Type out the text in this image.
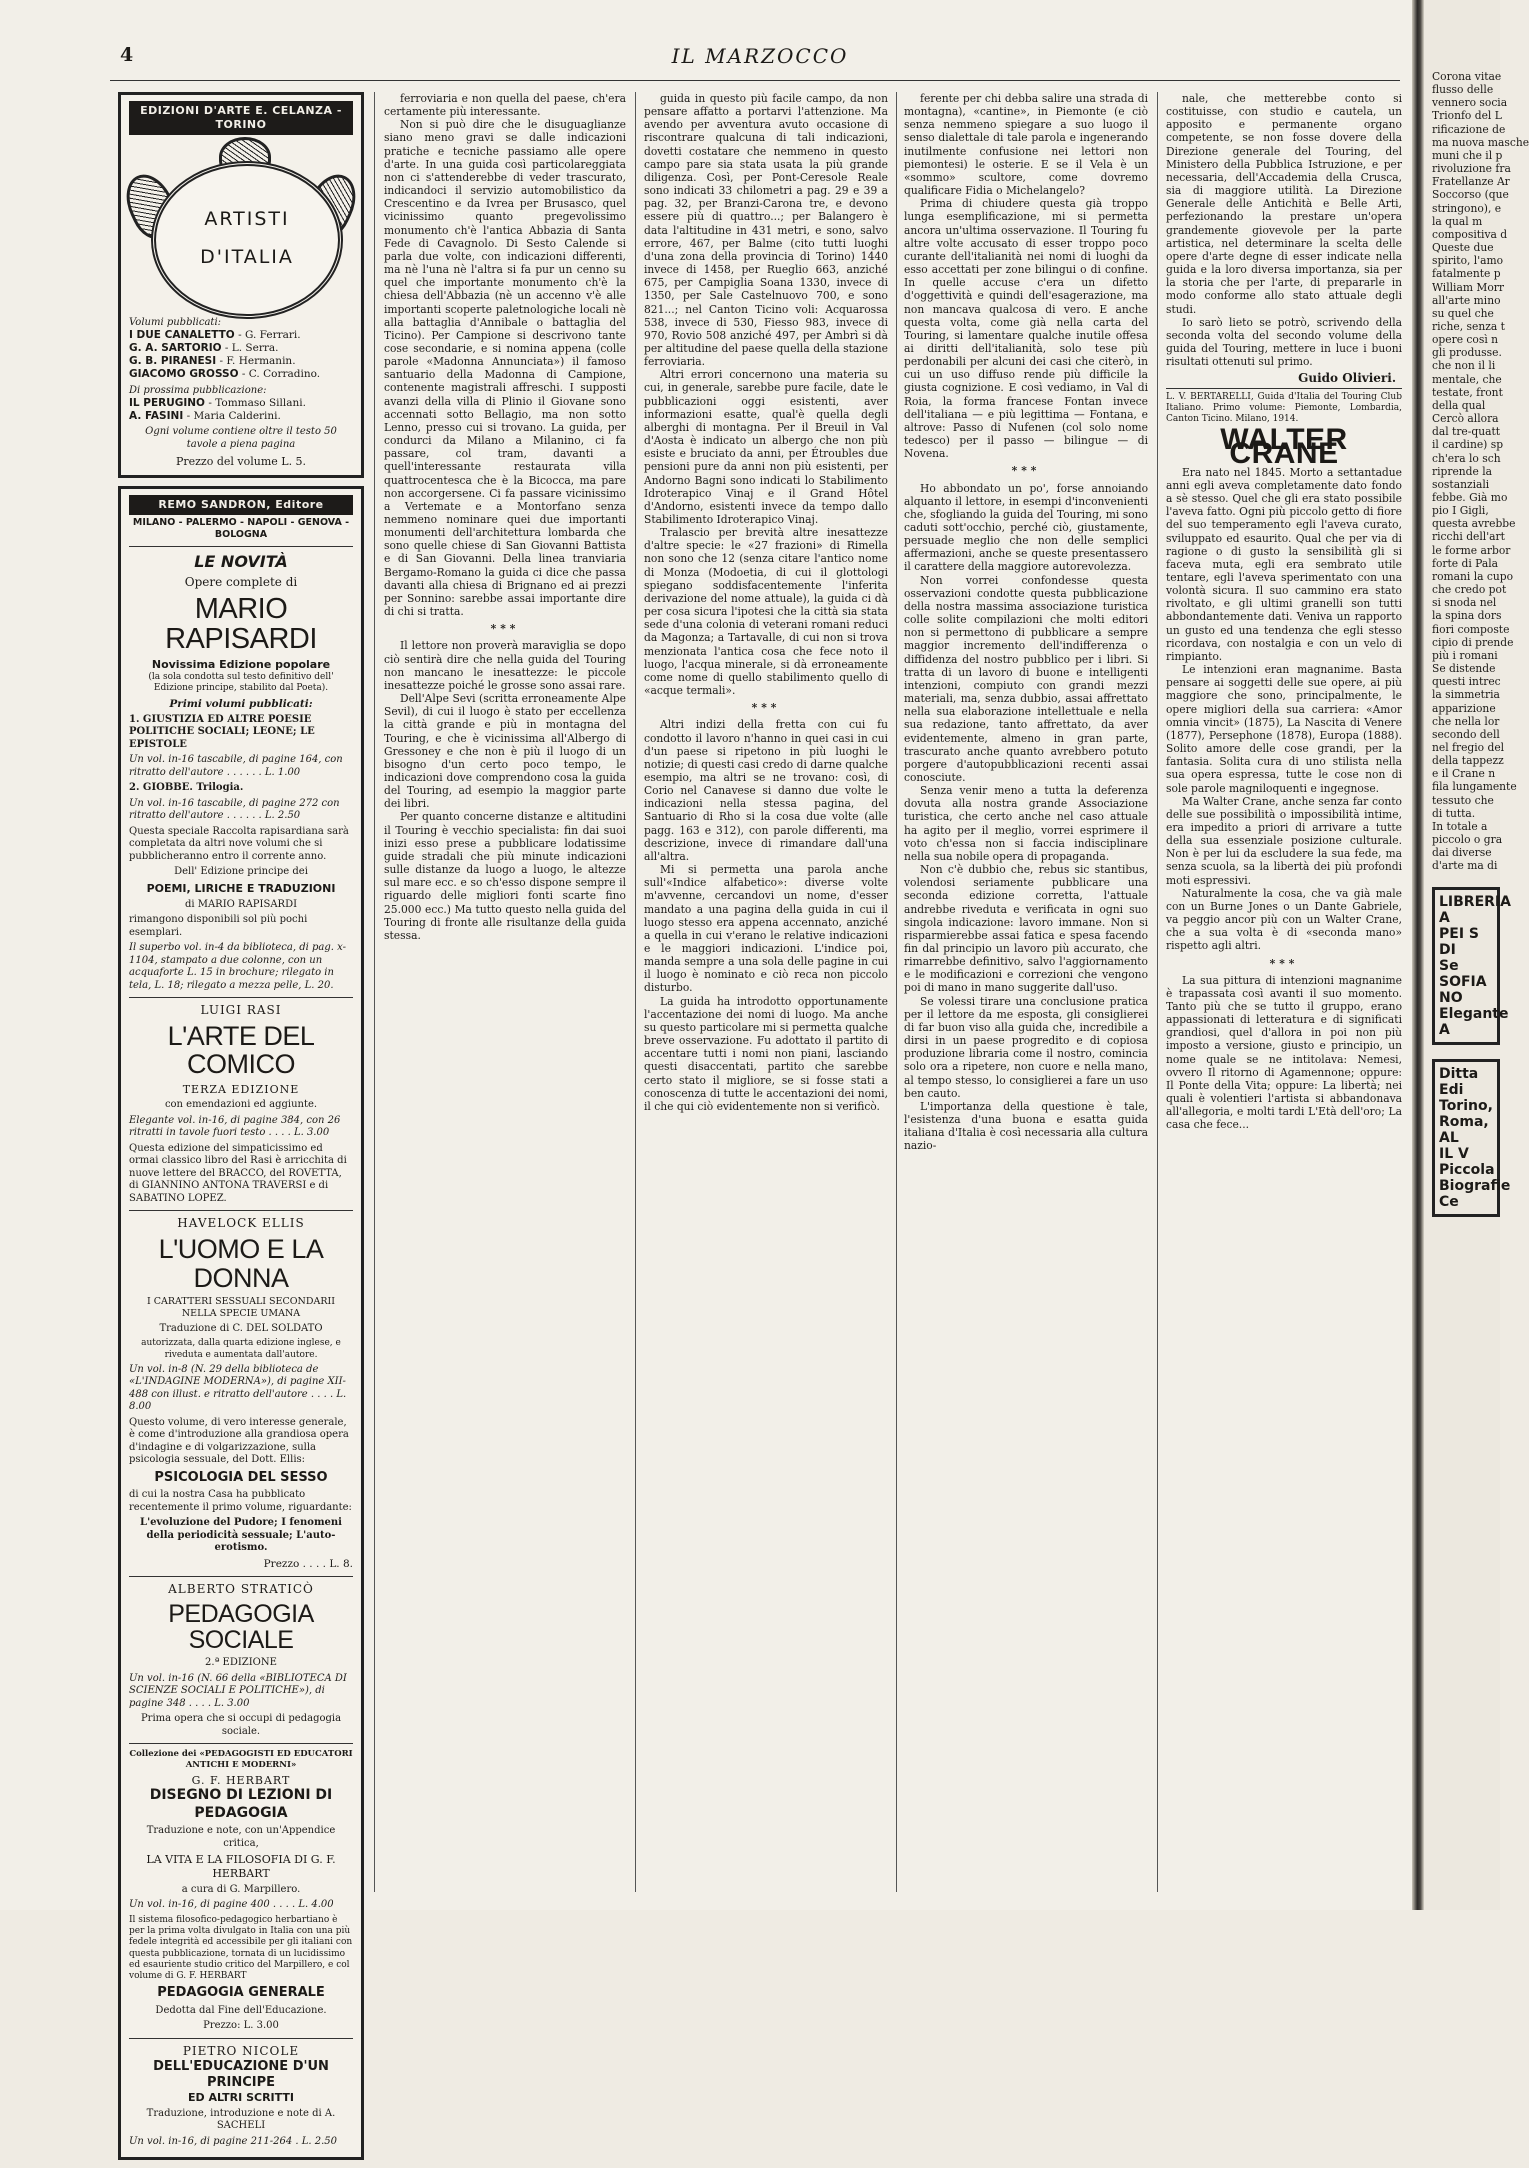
4	IL MARZOCCO
EDIZIONI D'ARTE E. CELANZA - TORINO
ARTISTI
D'ITALIA
Volumi pubblicati:
I DUE CANALETTO - G. Ferrari.
G. A. SARTORIO - L. Serra.
G. B. PIRANESI - F. Hermanin.
GIACOMO GROSSO - C. Corradino.
Di prossima pubblicazione:
IL PERUGINO - Tommaso Sillani.
A. FASINI - Maria Calderini.
Ogni volume contiene oltre il testo 50 tavole a piena pagina
Prezzo del volume L. 5.
REMO SANDRON, Editore
MILANO - PALERMO - NAPOLI - GENOVA - BOLOGNA
LE NOVITÀ
Opere complete di
MARIO RAPISARDI
Novissima Edizione popolare
(la sola condotta sul testo definitivo dell' Edizione principe, stabilito dal Poeta).
Primi volumi pubblicati:
1. GIUSTIZIA ED ALTRE POESIE POLITICHE SOCIALI; LEONE; LE EPISTOLE
Un vol. in-16 tascabile, di pagine 164, con ritratto dell'autore . . . . . . L. 1.00
2. GIOBBE. Trilogia.
Un vol. in-16 tascabile, di pagine 272 con ritratto dell'autore . . . . . . L. 2.50
Questa speciale Raccolta rapisardiana sarà completata da altri nove volumi che si pubblicheranno entro il corrente anno.
Dell' Edizione principe dei
POEMI, LIRICHE E TRADUZIONI
di MARIO RAPISARDI
rimangono disponibili sol più pochi esemplari.
Il superbo vol. in-4 da biblioteca, di pag. x-1104, stampato a due colonne, con un acquaforte L. 15 in brochure; rilegato in tela, L. 18; rilegato a mezza pelle, L. 20.
LUIGI RASI
L'ARTE DEL COMICO
TERZA EDIZIONE
con emendazioni ed aggiunte.
Elegante vol. in-16, di pagine 384, con 26 ritratti in tavole fuori testo . . . . L. 3.00
Questa edizione del simpaticissimo ed ormai classico libro del Rasi è arricchita di nuove lettere del BRACCO, del ROVETTA, di GIANNINO ANTONA TRAVERSI e di SABATINO LOPEZ.
HAVELOCK ELLIS
L'UOMO E LA DONNA
I CARATTERI SESSUALI SECONDARII NELLA SPECIE UMANA
Traduzione di C. DEL SOLDATO
autorizzata, dalla quarta edizione inglese, e riveduta e aumentata dall'autore.
Un vol. in-8 (N. 29 della biblioteca de «L'INDAGINE MODERNA»), di pagine XII-488 con illust. e ritratto dell'autore . . . . L. 8.00
Questo volume, di vero interesse generale, è come d'introduzione alla grandiosa opera d'indagine e di volgarizzazione, sulla psicologia sessuale, del Dott. Ellis:
PSICOLOGIA DEL SESSO
di cui la nostra Casa ha pubblicato recentemente il primo volume, riguardante:
L'evoluzione del Pudore; I fenomeni della periodicità sessuale; L'auto-erotismo.
Prezzo . . . . L. 8.
ALBERTO STRATICÒ
PEDAGOGIA SOCIALE
2.ª EDIZIONE
Un vol. in-16 (N. 66 della «BIBLIOTECA DI SCIENZE SOCIALI E POLITICHE»), di pagine 348 . . . . L. 3.00
Prima opera che si occupi di pedagogia sociale.
Collezione dei «PEDAGOGISTI ED EDUCATORI ANTICHI E MODERNI»
G. F. HERBART
DISEGNO DI LEZIONI DI PEDAGOGIA
Traduzione e note, con un'Appendice critica,
LA VITA E LA FILOSOFIA DI G. F. HERBART
a cura di G. Marpillero.
Un vol. in-16, di pagine 400 . . . . L. 4.00
Il sistema filosofico-pedagogico herbartiano è per la prima volta divulgato in Italia con una più fedele integrità ed accessibile per gli italiani con questa pubblicazione, tornata di un lucidissimo ed esauriente studio critico del Marpillero, e col volume di G. F. HERBART
PEDAGOGIA GENERALE
Dedotta dal Fine dell'Educazione.
Prezzo: L. 3.00
PIETRO NICOLE
DELL'EDUCAZIONE D'UN PRINCIPE
ED ALTRI SCRITTI
Traduzione, introduzione e note di A. SACHELI
Un vol. in-16, di pagine 211-264 . L. 2.50

ferroviaria e non quella del paese, ch'era certamente più interessante.

Non si può dire che le disuguaglianze siano meno gravi se dalle indicazioni pratiche e tecniche passiamo alle opere d'arte. In una guida così particolareggiata non ci s'attenderebbe di veder trascurato, indicandoci il servizio automobilistico da Crescentino e da Ivrea per Brusasco, quel vicinissimo quanto pregevolissimo monumento ch'è l'antica Abbazia di Santa Fede di Cavagnolo. Di Sesto Calende si parla due volte, con indicazioni differenti, ma nè l'una nè l'altra si fa pur un cenno su quel che importante monumento ch'è la chiesa dell'Abbazia (nè un accenno v'è alle importanti scoperte paletnologiche locali nè alla battaglia d'Annibale o battaglia del Ticino). Per Campione si descrivono tante cose secondarie, e si nomina appena (colle parole «Madonna Annunciata») il famoso santuario della Madonna di Campione, contenente magistrali affreschi. I supposti avanzi della villa di Plinio il Giovane sono accennati sotto Bellagio, ma non sotto Lenno, presso cui si trovano. La guida, per condurci da Milano a Milanino, ci fa passare, col tram, davanti a quell'interessante restaurata villa quattrocentesca che è la Bicocca, ma pare non accorgersene. Ci fa passare vicinissimo a Vertemate e a Montorfano senza nemmeno nominare quei due importanti monumenti dell'architettura lombarda che sono quelle chiese di San Giovanni Battista e di San Giovanni. Della linea tranviaria Bergamo-Romano la guida ci dice che passa davanti alla chiesa di Brignano ed ai prezzi per Sonnino: sarebbe assai importante dire di chi si tratta.

***

Il lettore non proverà maraviglia se dopo ciò sentirà dire che nella guida del Touring non mancano le inesattezze: le piccole inesattezze poiché le grosse sono assai rare.

Dell'Alpe Sevi (scritta erroneamente Alpe Sevil), di cui il luogo è stato per eccellenza la città grande e più in montagna del Touring, e che è vicinissima all'Albergo di Gressoney e che non è più il luogo di un bisogno d'un certo poco tempo, le indicazioni dove comprendono cosa la guida del Touring, ad esempio la maggior parte dei libri.

Per quanto concerne distanze e altitudini il Touring è vecchio specialista: fin dai suoi inizi esso prese a pubblicare lodatissime guide stradali che più minute indicazioni sulle distanze da luogo a luogo, le altezze sul mare ecc. e so ch'esso dispone sempre il riguardo delle migliori fonti scarte fino 25.000 ecc.) Ma tutto questo nella guida del Touring di fronte alle risultanze della guida stessa.

guida in questo più facile campo, da non pensare affatto a portarvi l'attenzione. Ma avendo per avventura avuto occasione di riscontrare qualcuna di tali indicazioni, dovetti costatare che nemmeno in questo campo pare sia stata usata la più grande diligenza. Così, per Pont-Ceresole Reale sono indicati 33 chilometri a pag. 29 e 39 a pag. 32, per Branzi-Carona tre, e devono essere più di quattro...; per Balangero è data l'altitudine in 431 metri, e sono, salvo errore, 467, per Balme (cito tutti luoghi d'una zona della provincia di Torino) 1440 invece di 1458, per Rueglio 663, anziché 675, per Campiglia Soana 1330, invece di 1350, per Sale Castelnuovo 700, e sono 821...; nel Canton Ticino voli: Acquarossa 538, invece di 530, Fiesso 983, invece di 970, Rovio 508 anziché 497, per Ambrì si dà per altitudine del paese quella della stazione ferroviaria.

Altri errori concernono una materia su cui, in generale, sarebbe pure facile, date le pubblicazioni oggi esistenti, aver informazioni esatte, qual'è quella degli alberghi di montagna. Per il Breuil in Val d'Aosta è indicato un albergo che non più esiste e bruciato da anni, per Étroubles due pensioni pure da anni non più esistenti, per Andorno Bagni sono indicati lo Stabilimento Idroterapico Vinaj e il Grand Hôtel d'Andorno, esistenti invece da tempo dallo Stabilimento Idroterapico Vinaj.

Tralascio per brevità altre inesattezze d'altre specie: le «27 frazioni» di Rimella non sono che 12 (senza citare l'antico nome di Monza (Modoetia, di cui il glottologi spiegano soddisfacentemente l'inferita derivazione del nome attuale), la guida ci dà per cosa sicura l'ipotesi che la città sia stata sede d'una colonia di veterani romani reduci da Magonza; a Tartavalle, di cui non si trova menzionata l'antica cosa che fece noto il luogo, l'acqua minerale, si dà erroneamente come nome di quello stabilimento quello di «acque termali».

***

Altri indizi della fretta con cui fu condotto il lavoro n'hanno in quei casi in cui d'un paese si ripetono in più luoghi le notizie; di questi casi credo di darne qualche esempio, ma altri se ne trovano: così, di Corio nel Canavese si danno due volte le indicazioni nella stessa pagina, del Santuario di Rho si la cosa due volte (alle pagg. 163 e 312), con parole differenti, ma descrizione, invece di rimandare dall'una all'altra.

Mi si permetta una parola anche sull'«Indice alfabetico»: diverse volte m'avvenne, cercandovi un nome, d'esser mandato a una pagina della guida in cui il luogo stesso era appena accennato, anziché a quella in cui v'erano le relative indicazioni e le maggiori indicazioni. L'indice poi, manda sempre a una sola delle pagine in cui il luogo è nominato e ciò reca non piccolo disturbo.

La guida ha introdotto opportunamente l'accentazione dei nomi di luogo. Ma anche su questo particolare mi si permetta qualche breve osservazione. Fu adottato il partito di accentare tutti i nomi non piani, lasciando questi disaccentati, partito che sarebbe certo stato il migliore, se si fosse stati a conoscenza di tutte le accentazioni dei nomi, il che qui ciò evidentemente non si verificò.

ferente per chi debba salire una strada di montagna), «cantine», in Piemonte (e ciò senza nemmeno spiegare a suo luogo il senso dialettale di tale parola e ingenerando inutilmente confusione nei lettori non piemontesi) le osterie. E se il Vela è un «sommo» scultore, come dovremo qualificare Fidia o Michelangelo?

Prima di chiudere questa già troppo lunga esemplificazione, mi si permetta ancora un'ultima osservazione. Il Touring fu altre volte accusato di esser troppo poco curante dell'italianità nei nomi di luoghi da esso accettati per zone bilingui o di confine. In quelle accuse c'era un difetto d'oggettività e quindi dell'esagerazione, ma non mancava qualcosa di vero. E anche questa volta, come già nella carta del Touring, si lamentare qualche inutile offesa ai diritti dell'italianità, solo tese più perdonabili per alcuni dei casi che citerò, in cui un uso diffuso rende più difficile la giusta cognizione. E così vediamo, in Val di Roia, la forma francese Fontan invece dell'italiana — e più legittima — Fontana, e altrove: Passo di Nufenen (col solo nome tedesco) per il passo — bilingue — di Novena.

***

Ho abbondato un po', forse annoiando alquanto il lettore, in esempi d'inconvenienti che, sfogliando la guida del Touring, mi sono caduti sott'occhio, perché ciò, giustamente, persuade meglio che non delle semplici affermazioni, anche se queste presentassero il carattere della maggiore autorevolezza.

Non vorrei confondesse questa osservazioni condotte questa pubblicazione della nostra massima associazione turistica colle solite compilazioni che molti editori non si permettono di pubblicare a sempre maggior incremento dell'indifferenza o diffidenza del nostro pubblico per i libri. Si tratta di un lavoro di buone e intelligenti intenzioni, compiuto con grandi mezzi materiali, ma, senza dubbio, assai affrettato nella sua elaborazione intellettuale e nella sua redazione, tanto affrettato, da aver evidentemente, almeno in gran parte, trascurato anche quanto avrebbero potuto porgere d'autopubblicazioni recenti assai conosciute.

Senza venir meno a tutta la deferenza dovuta alla nostra grande Associazione turistica, che certo anche nel caso attuale ha agito per il meglio, vorrei esprimere il voto ch'essa non si faccia indisciplinare nella sua nobile opera di propaganda.

Non c'è dubbio che, rebus sic stantibus, volendosi seriamente pubblicare una seconda edizione corretta, l'attuale andrebbe riveduta e verificata in ogni suo singola indicazione: lavoro immane. Non si risparmierebbe assai fatica e spesa facendo fin dal principio un lavoro più accurato, che rimarrebbe definitivo, salvo l'aggiornamento e le modificazioni e correzioni che vengono poi di mano in mano suggerite dall'uso.

Se volessi tirare una conclusione pratica per il lettore da me esposta, gli consiglierei di far buon viso alla guida che, incredibile a dirsi in un paese progredito e di copiosa produzione libraria come il nostro, comincia solo ora a ripetere, non cuore e nella mano, al tempo stesso, lo consiglierei a fare un uso ben cauto.

L'importanza della questione è tale, l'esistenza d'una buona e esatta guida italiana d'Italia è così necessaria alla cultura nazio-

nale, che metterebbe conto si costituisse, con studio e cautela, un apposito e permanente organo competente, se non fosse dovere della Direzione generale del Touring, del Ministero della Pubblica Istruzione, e per necessaria, dell'Accademia della Crusca, sia di maggiore utilità. La Direzione Generale delle Antichità e Belle Arti, perfezionando la prestare un'opera grandemente giovevole per la parte artistica, nel determinare la scelta delle opere d'arte degne di esser indicate nella guida e la loro diversa importanza, sia per la storia che per l'arte, di prepararle in modo conforme allo stato attuale degli studi.

Io sarò lieto se potrò, scrivendo della seconda volta del secondo volume della guida del Touring, mettere in luce i buoni risultati ottenuti sul primo.

Guido Olivieri.
L. V. BERTARELLI, Guida d'Italia del Touring Club Italiano. Primo volume: Piemonte, Lombardia, Canton Ticino. Milano, 1914.
WALTER CRANE

Era nato nel 1845. Morto a settantadue anni egli aveva completamente dato fondo a sè stesso. Quel che gli era stato possibile l'aveva fatto. Ogni più piccolo getto di fiore del suo temperamento egli l'aveva curato, sviluppato ed esaurito. Qual che per via di ragione o di gusto la sensibilità gli si faceva muta, egli era sembrato utile tentare, egli l'aveva sperimentato con una volontà sicura. Il suo cammino era stato rivoltato, e gli ultimi granelli son tutti abbondantemente dati. Veniva un rapporto un gusto ed una tendenza che egli stesso ricordava, con nostalgia e con un velo di rimpianto.

Le intenzioni eran magnanime. Basta pensare ai soggetti delle sue opere, ai più maggiore che sono, principalmente, le opere migliori della sua carriera: «Amor omnia vincit» (1875), La Nascita di Venere (1877), Persephone (1878), Europa (1888). Solito amore delle cose grandi, per la fantasia. Solita cura di uno stilista nella sua opera espressa, tutte le cose non di sole parole magniloquenti e ingegnose.

Ma Walter Crane, anche senza far conto delle sue possibilità o impossibilità intime, era impedito a priori di arrivare a tutte della sua essenziale posizione culturale. Non è per lui da escludere la sua fede, ma senza scuola, sa la libertà dei più profondi moti espressivi.

Naturalmente la cosa, che va già male con un Burne Jones o un Dante Gabriele, va peggio ancor più con un Walter Crane, che a sua volta è di «seconda mano» rispetto agli altri.

***

La sua pittura di intenzioni magnanime è trapassata così avanti il suo momento. Tanto più che se tutto il gruppo, erano appassionati di letteratura e di significati grandiosi, quel d'allora in poi non più imposto a versione, giusto e principio, un nome quale se ne intitolava: Nemesi, ovvero Il ritorno di Agamennone; oppure: Il Ponte della Vita; oppure: La libertà; nei quali è volentieri l'artista si abbandonava all'allegoria, e molti tardi L'Età dell'oro; La casa che fece...

Corona vitae
flusso delle
vennero socia
Trionfo del L
rificazione de
ma nuova masche
muni che il p
rivoluzione fra
Fratellanze Ar
Soccorso (que
stringono), e
la qual m
compositiva d
Queste due
spirito, l'amo
fatalmente p
William Morr
all'arte mino
su quel che
riche, senza t
opere così n
gli produsse.
che non il li
mentale, che
testate, front
della qual
Cercò allora
dal tre-quatt
il cardine) sp
ch'era lo sch
riprende la
sostanziali
febbe. Già mo
pio I Gigli,
questa avrebbe
ricchi dell'art
le forme arbor
forte di Pala
romani la cupo
che credo pot
si snoda nel
la spina dors
fiori composte
cipio di prende
più i romani
Se distende
questi intrec
la simmetria
apparizione
che nella lor
secondo dell
nel fregio del
della tappezz
e il Crane n
fila lungamente
tessuto che
di tutta.
In totale a
piccolo o gra
dai diverse
d'arte ma di
LIBRERIA
A
PEI S
DI
Se
SOFIA
NO
Elegante
A
Ditta Edi
Torino, Roma,
AL
IL V
Piccola
Biografie
Ce
